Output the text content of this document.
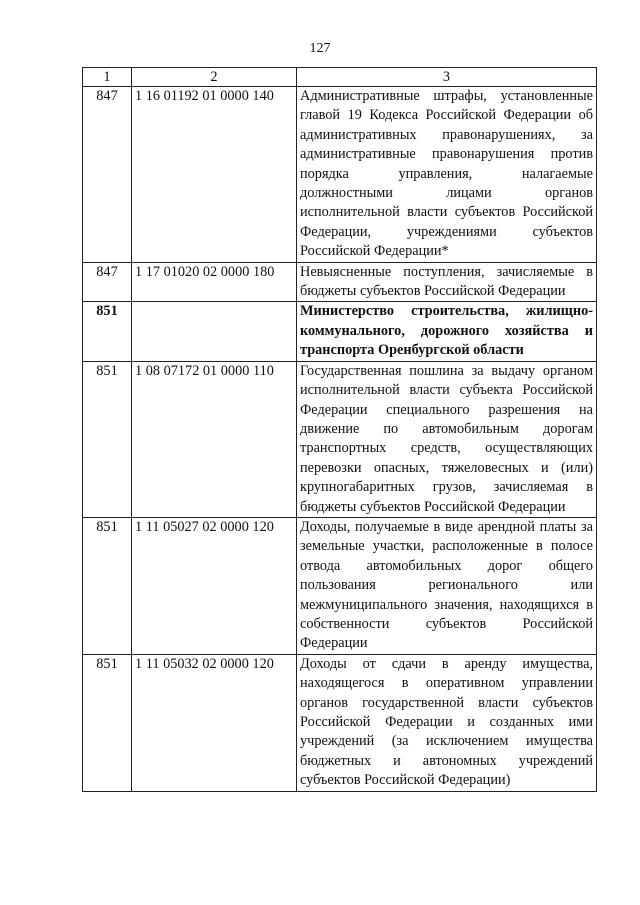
127
1	2	3
847	1 16 01192 01 0000 140	Административные штрафы, установленные главой 19 Кодекса Российской Федерации об административных правонарушениях, за административные правонарушения против порядка управления, налагаемые должностными лицами органов исполнительной власти субъектов Российской Федерации, учреждениями субъектов Российской Федерации*
847	1 17 01020 02 0000 180	Невыясненные поступления, зачисляемые в бюджеты субъектов Российской Федерации
851		Министерство строительства, жилищно-коммунального, дорожного хозяйства и транспорта Оренбургской области
851	1 08 07172 01 0000 110	Государственная пошлина за выдачу органом исполнительной власти субъекта Российской Федерации специального разрешения на движение по автомобильным дорогам транспортных средств, осуществляющих перевозки опасных, тяжеловесных и (или) крупногабаритных грузов, зачисляемая в бюджеты субъектов Российской Федерации
851	1 11 05027 02 0000 120	Доходы, получаемые в виде арендной платы за земельные участки, расположенные в полосе отвода автомобильных дорог общего пользования регионального или межмуниципального значения, находящихся в собственности субъектов Российской Федерации
851	1 11 05032 02 0000 120	Доходы от сдачи в аренду имущества, находящегося в оперативном управлении органов государственной власти субъектов Российской Федерации и созданных ими учреждений (за исключением имущества бюджетных и автономных учреждений субъектов Российской Федерации)
